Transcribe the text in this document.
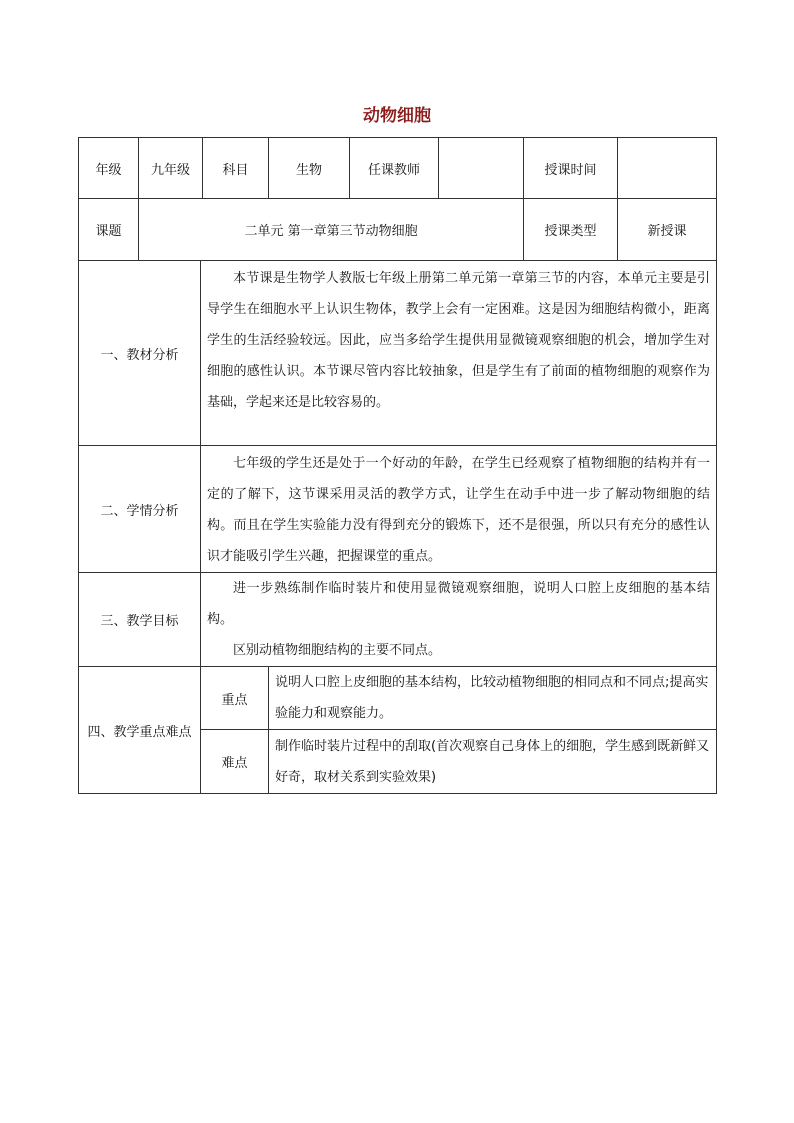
动物细胞
年级	九年级		科目	生物	任课教师		授课时间	
课题	二单元 第一章第三节动物细胞						授课类型	新授课
一、教材分析		本节课是生物学人教版七年级上册第二单元第一章第三节的内容，本单元主要是引导学生在细胞水平上认识生物体，教学上会有一定困难。这是因为细胞结构微小，距离学生的生活经验较远。因此，应当多给学生提供用显微镜观察细胞的机会，增加学生对细胞的感性认识。本节课尽管内容比较抽象，但是学生有了前面的植物细胞的观察作为基础，学起来还是比较容易的。						

二、学情分析		七年级的学生还是处于一个好动的年龄，在学生已经观察了植物细胞的结构并有一定的了解下，这节课采用灵活的教学方式，让学生在动手中进一步了解动物细胞的结构。而且在学生实验能力没有得到充分的锻炼下，还不是很强，所以只有充分的感性认识才能吸引学生兴趣，把握课堂的重点。						

三、教学目标		进一步熟练制作临时装片和使用显微镜观察细胞，说明人口腔上皮细胞的基本结构。
区别动植物细胞结构的主要不同点。						

四、教学重点难点		重点		说明人口腔上皮细胞的基本结构，比较动植物细胞的相同点和不同点;提高实验能力和观察能力。				

		难点		制作临时装片过程中的刮取(首次观察自己身体上的细胞，学生感到既新鲜又好奇，取材关系到实验效果)				
